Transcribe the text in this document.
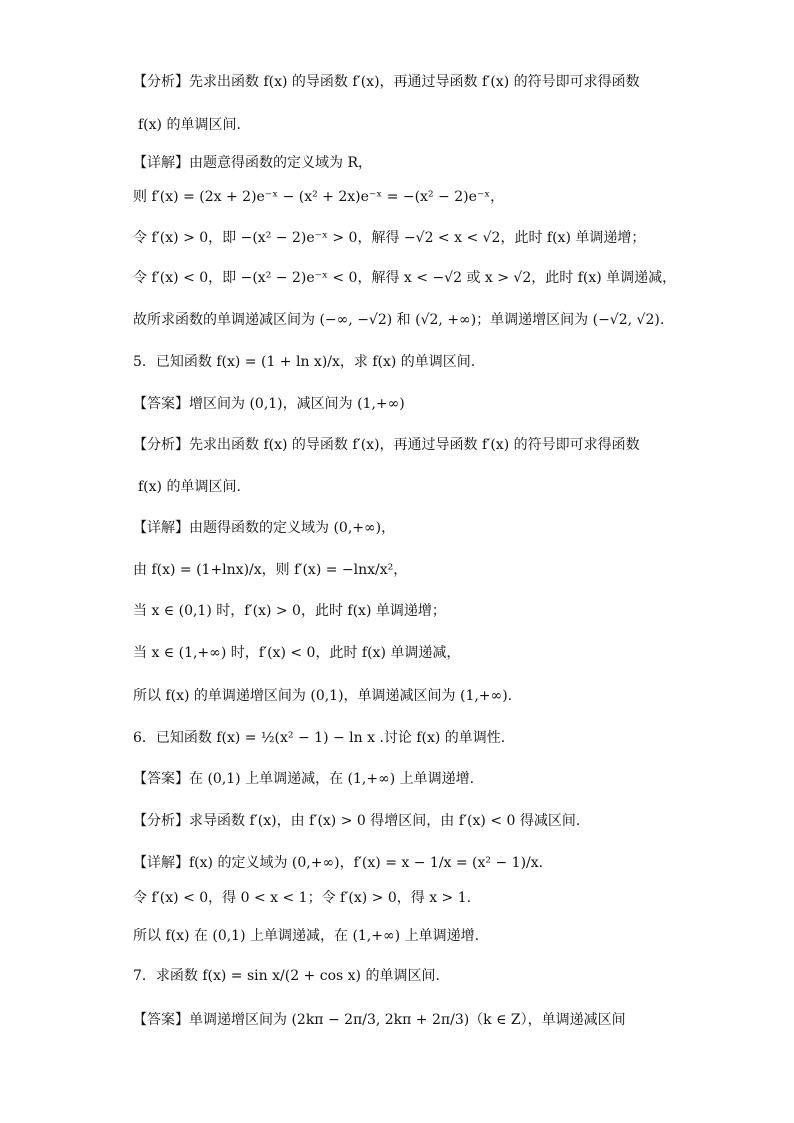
【分析】先求出函数 f(x) 的导函数 f′(x)，再通过导函数 f′(x) 的符号即可求得函数
f(x) 的单调区间.
【详解】由题意得函数的定义域为 R，
则 f′(x) = (2x + 2)e⁻ˣ − (x² + 2x)e⁻ˣ = −(x² − 2)e⁻ˣ，
令 f′(x) > 0，即 −(x² − 2)e⁻ˣ > 0，解得 −√2 < x < √2，此时 f(x) 单调递增；
令 f′(x) < 0，即 −(x² − 2)e⁻ˣ < 0，解得 x < −√2 或 x > √2，此时 f(x) 单调递减，
故所求函数的单调递减区间为 (−∞, −√2) 和 (√2, +∞)；单调递增区间为 (−√2, √2).
5．已知函数 f(x) = (1 + ln x)/x，求 f(x) 的单调区间.
【答案】增区间为 (0,1)，减区间为 (1,+∞)
【分析】先求出函数 f(x) 的导函数 f′(x)，再通过导函数 f′(x) 的符号即可求得函数
f(x) 的单调区间.
【详解】由题得函数的定义域为 (0,+∞)，
由 f(x) = (1+lnx)/x，则 f′(x) = −lnx/x²，
当 x ∈ (0,1) 时，f′(x) > 0，此时 f(x) 单调递增；
当 x ∈ (1,+∞) 时，f′(x) < 0，此时 f(x) 单调递减，
所以 f(x) 的单调递增区间为 (0,1)，单调递减区间为 (1,+∞).
6．已知函数 f(x) = ½(x² − 1) − ln x .讨论 f(x) 的单调性.
【答案】在 (0,1) 上单调递减，在 (1,+∞) 上单调递增.
【分析】求导函数 f′(x)，由 f′(x) > 0 得增区间，由 f′(x) < 0 得减区间.
【详解】f(x) 的定义域为 (0,+∞)，f′(x) = x − 1/x = (x² − 1)/x.
令 f′(x) < 0，得 0 < x < 1；令 f′(x) > 0，得 x > 1.
所以 f(x) 在 (0,1) 上单调递减，在 (1,+∞) 上单调递增.
7．求函数 f(x) = sin x/(2 + cos x) 的单调区间.
【答案】单调递增区间为 (2kπ − 2π/3, 2kπ + 2π/3)（k ∈ Z），单调递减区间
